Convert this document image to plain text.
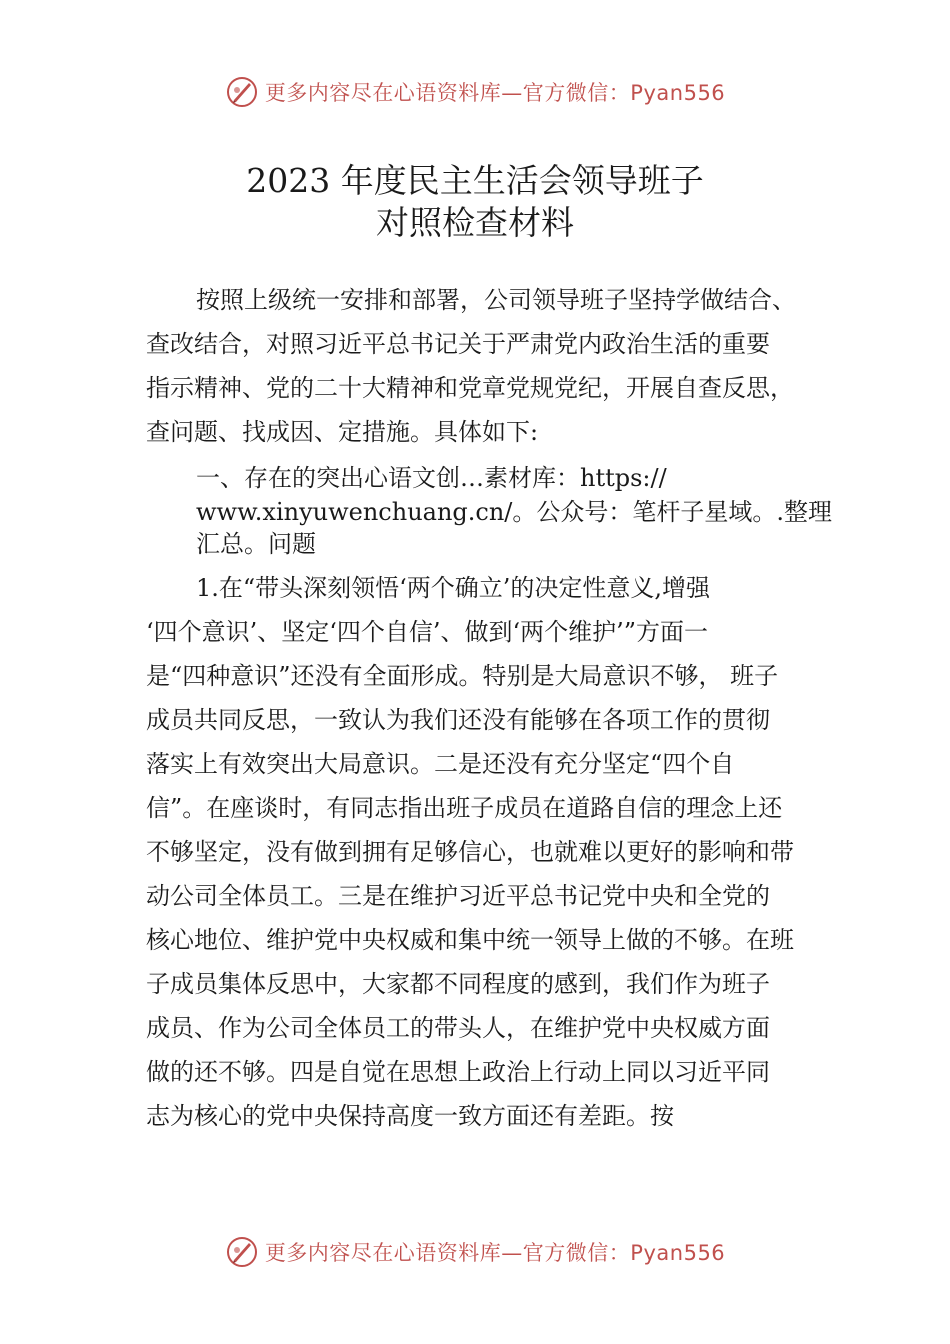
更多内容尽在心语资料库—官方微信：Pyan556
2023 年度民主生活会领导班子
对照检查材料

按照上级统一安排和部署，公司领导班子坚持学做结合、

查改结合，对照习近平总书记关于严肃党内政治生活的重要

指示精神、党的二十大精神和党章党规党纪，开展自查反思，

查问题、找成因、定措施。具体如下:

一、存在的突出心语文创…素材库：https://

www.xinyuwenchuang.cn/。公众号：笔杆子星域。.整理

汇总。问题

1.在“带头深刻领悟‘两个确立’的决定性意义,增强

‘四个意识’、坚定‘四个自信’、做到‘两个维护’”方面一

是“四种意识”还没有全面形成。特别是大局意识不够， 班子

成员共同反思，一致认为我们还没有能够在各项工作的贯彻

落实上有效突出大局意识。二是还没有充分坚定“四个自

信”。在座谈时，有同志指出班子成员在道路自信的理念上还

不够坚定，没有做到拥有足够信心，也就难以更好的影响和带

动公司全体员工。三是在维护习近平总书记党中央和全党的

核心地位、维护党中央权威和集中统一领导上做的不够。在班

子成员集体反思中，大家都不同程度的感到，我们作为班子

成员、作为公司全体员工的带头人，在维护党中央权威方面

做的还不够。四是自觉在思想上政治上行动上同以习近平同

志为核心的党中央保持高度一致方面还有差距。按

更多内容尽在心语资料库—官方微信：Pyan556
